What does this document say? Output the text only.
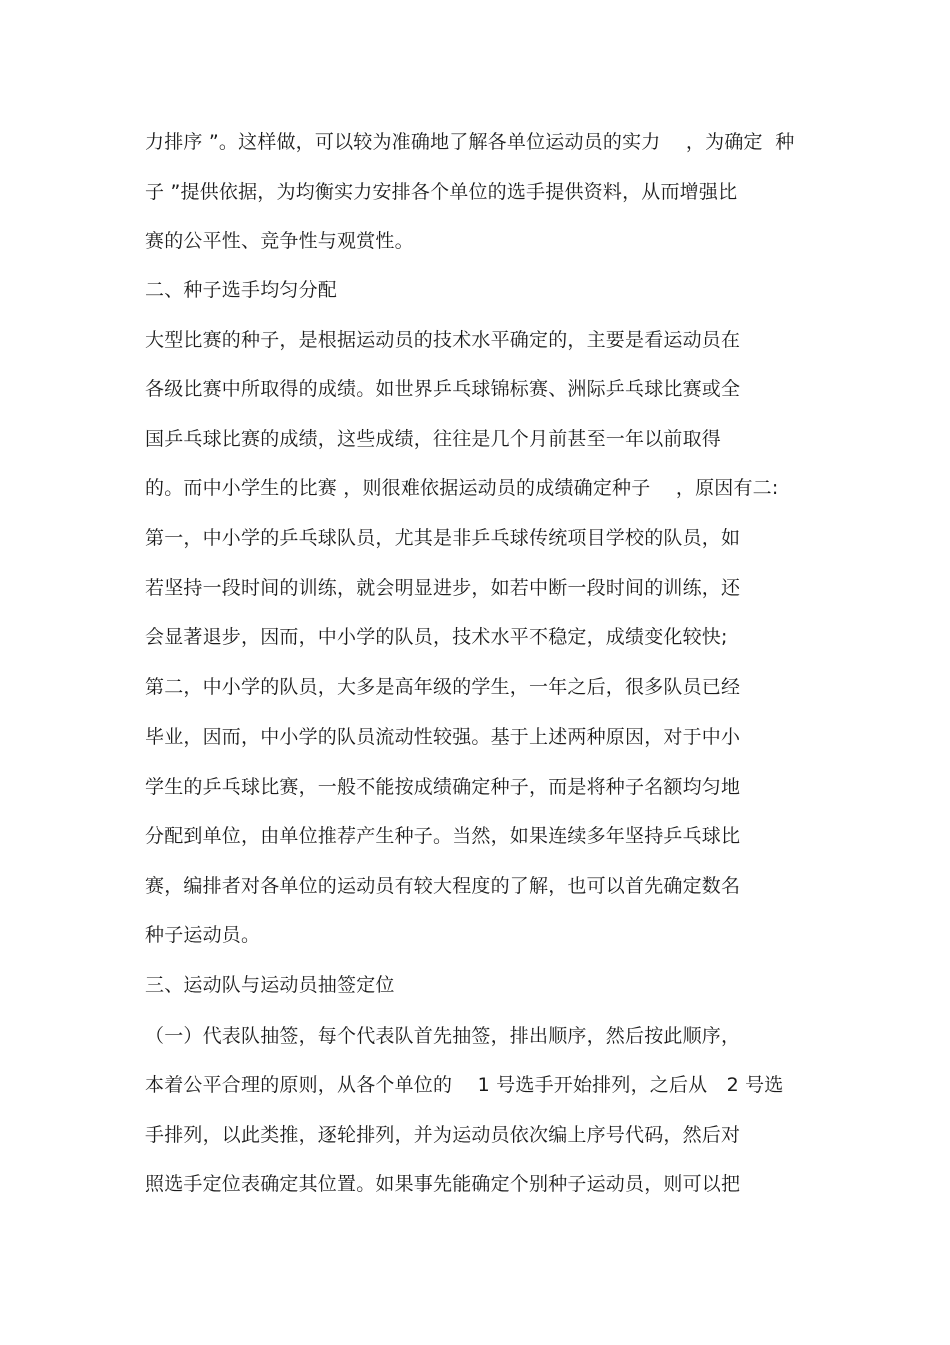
力排序 ”。这样做，可以较为准确地了解各单位运动员的实力　 ，为确定  种
子 ”提供依据，为均衡实力安排各个单位的选手提供资料，从而增强比
赛的公平性、竞争性与观赏性。
二、种子选手均匀分配
大型比赛的种子，是根据运动员的技术水平确定的，主要是看运动员在
各级比赛中所取得的成绩。如世界乒乓球锦标赛、洲际乒乓球比赛或全
国乒乓球比赛的成绩，这些成绩，往往是几个月前甚至一年以前取得
的。而中小学生的比赛 ，则很难依据运动员的成绩确定种子 　，原因有二:
第一，中小学的乒乓球队员，尤其是非乒乓球传统项目学校的队员，如
若坚持一段时间的训练，就会明显进步，如若中断一段时间的训练，还
会显著退步，因而，中小学的队员，技术水平不稳定，成绩变化较快;
第二，中小学的队员，大多是高年级的学生，一年之后，很多队员已经
毕业，因而，中小学的队员流动性较强。基于上述两种原因，对于中小
学生的乒乓球比赛，一般不能按成绩确定种子，而是将种子名额均匀地
分配到单位，由单位推荐产生种子。当然，如果连续多年坚持乒乓球比
赛，编排者对各单位的运动员有较大程度的了解，也可以首先确定数名
种子运动员。
三、运动队与运动员抽签定位
（一）代表队抽签，每个代表队首先抽签，排出顺序，然后按此顺序，
本着公平合理的原则，从各个单位的 　1 号选手开始排列，之后从　2 号选
手排列，以此类推，逐轮排列，并为运动员依次编上序号代码，然后对
照选手定位表确定其位置。如果事先能确定个别种子运动员，则可以把
